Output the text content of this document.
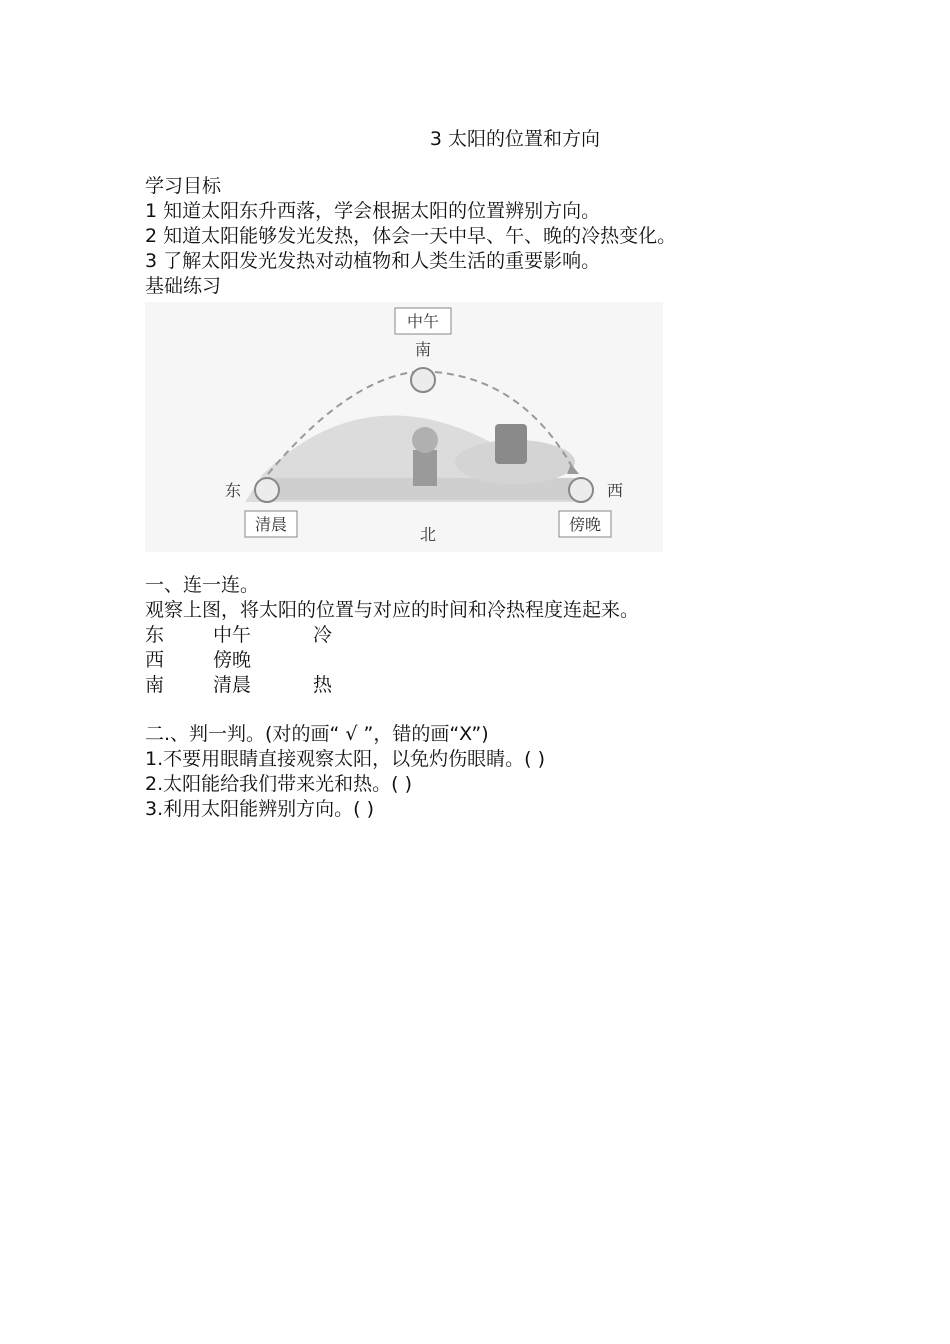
3 太阳的位置和方向
学习目标
1 知道太阳东升西落，学会根据太阳的位置辨别方向。
2 知道太阳能够发光发热，体会一天中早、午、晚的冷热变化。
3 了解太阳发光发热对动植物和人类生活的重要影响。
基础练习
中午
南
东	西
北
清晨	傍晚
一、连一连。
观察上图，将太阳的位置与对应的时间和冷热程度连起来。
东	中午	冷
西	傍晚
南	清晨	热
二.、判一判。(对的画“ √ ”，错的画“X”)
1.不要用眼睛直接观察太阳，以免灼伤眼睛。( )
2.太阳能给我们带来光和热。( )
3.利用太阳能辨别方向。( )
